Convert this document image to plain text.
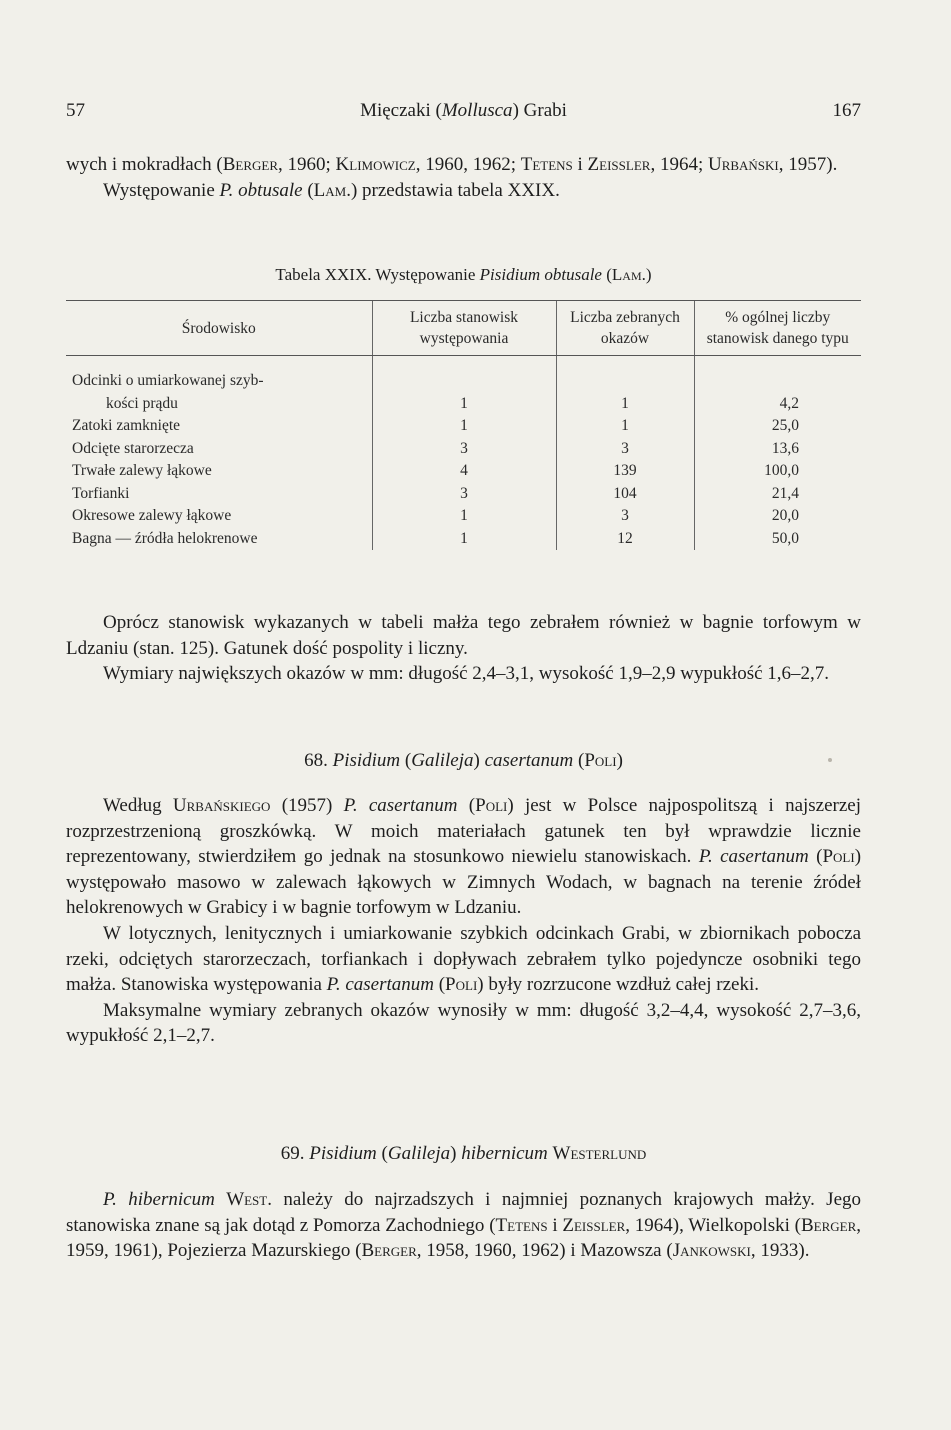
57	Mięczaki (Mollusca) Grabi	167

wych i mokradłach (Berger, 1960; Klimowicz, 1960, 1962; Tetens i Zeissler, 1964; Urbański, 1957).

Występowanie P. obtusale (Lam.) przedstawia tabela XXIX.

Tabela XXIX. Występowanie Pisidium obtusale (Lam.)
Środowisko	Liczba stanowisk występowania	Liczba zebranych okazów	% ogólnej liczby stanowisk danego typu
Odcinki o umiarkowanej szyb-			
kości prądu	1	1	4,2
Zatoki zamknięte	1	1	25,0
Odcięte starorzecza	3	3	13,6
Trwałe zalewy łąkowe	4	139	100,0
Torfianki	3	104	21,4
Okresowe zalewy łąkowe	1	3	20,0
Bagna — źródła helokrenowe	1	12	50,0

Oprócz stanowisk wykazanych w tabeli małża tego zebrałem również w bagnie torfowym w Ldzaniu (stan. 125). Gatunek dość pospolity i liczny.

Wymiary największych okazów w mm: długość 2,4–3,1, wysokość 1,9–2,9 wypukłość 1,6–2,7.

68. Pisidium (Galileja) casertanum (Poli)

Według Urbańskiego (1957) P. casertanum (Poli) jest w Polsce najpospolitszą i najszerzej rozprzestrzenioną groszkówką. W moich materiałach gatunek ten był wprawdzie licznie reprezentowany, stwierdziłem go jednak na stosunkowo niewielu stanowiskach. P. casertanum (Poli) występowało masowo w zalewach łąkowych w Zimnych Wodach, w bagnach na terenie źródeł helokrenowych w Grabicy i w bagnie torfowym w Ldzaniu.

W lotycznych, lenitycznych i umiarkowanie szybkich odcinkach Grabi, w zbiornikach pobocza rzeki, odciętych starorzeczach, torfiankach i dopływach zebrałem tylko pojedyncze osobniki tego małża. Stanowiska występowania P. casertanum (Poli) były rozrzucone wzdłuż całej rzeki.

Maksymalne wymiary zebranych okazów wynosiły w mm: długość 3,2–4,4, wysokość 2,7–3,6, wypukłość 2,1–2,7.

69. Pisidium (Galileja) hibernicum Westerlund

P. hibernicum West. należy do najrzadszych i najmniej poznanych krajowych małży. Jego stanowiska znane są jak dotąd z Pomorza Zachodniego (Tetens i Zeissler, 1964), Wielkopolski (Berger, 1959, 1961), Pojezierza Mazurskiego (Berger, 1958, 1960, 1962) i Mazowsza (Jankowski, 1933).
